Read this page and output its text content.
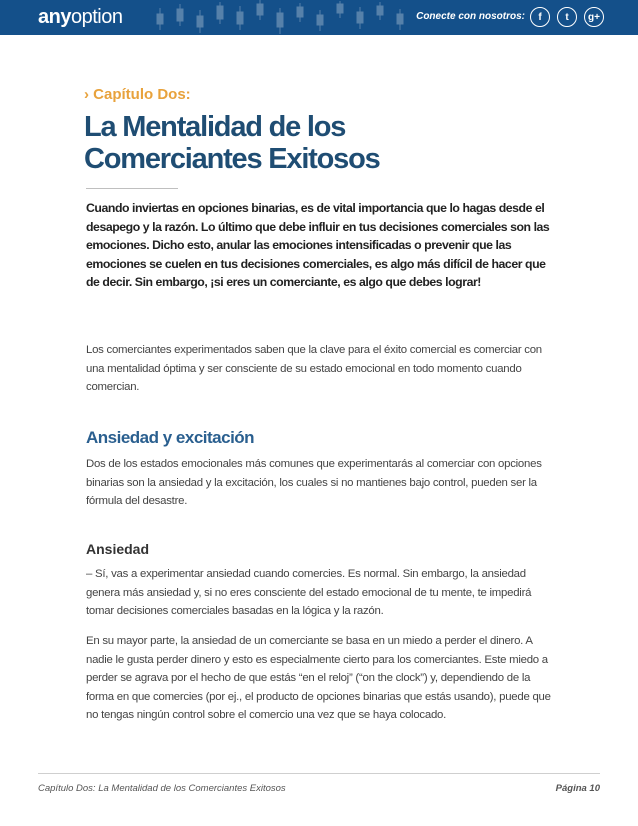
anyoption	Conecte con nosotros:	f	t	g+
› Capítulo Dos:
La Mentalidad de los
Comerciantes Exitosos

Cuando inviertas en opciones binarias, es de vital importancia que lo hagas desde el desapego y la razón. Lo último que debe influir en tus decisiones comerciales son las emociones. Dicho esto, anular las emociones intensificadas o prevenir que las emociones se cuelen en tus decisiones comerciales, es algo más difícil de hacer que de decir. Sin embargo, ¡si eres un comerciante, es algo que debes lograr!

Los comerciantes experimentados saben que la clave para el éxito comercial es comerciar con una mentalidad óptima y ser consciente de su estado emocional en todo momento cuando comercian.

Ansiedad y excitación

Dos de los estados emocionales más comunes que experimentarás al comerciar con opciones binarias son la ansiedad y la excitación, los cuales si no mantienes bajo control, pueden ser la fórmula del desastre.

Ansiedad

– Sí, vas a experimentar ansiedad cuando comercies. Es normal. Sin embargo, la ansiedad genera más ansiedad y, si no eres consciente del estado emocional de tu mente, te impedirá tomar decisiones comerciales basadas en la lógica y la razón.

En su mayor parte, la ansiedad de un comerciante se basa en un miedo a perder el dinero. A nadie le gusta perder dinero y esto es especialmente cierto para los comerciantes. Este miedo a perder se agrava por el hecho de que estás “en el reloj” (“on the clock”) y, dependiendo de la forma en que comercies (por ej., el producto de opciones binarias que estás usando), puede que no tengas ningún control sobre el comercio una vez que se haya colocado.

Capítulo Dos: La Mentalidad de los Comerciantes Exitosos	Página 10
